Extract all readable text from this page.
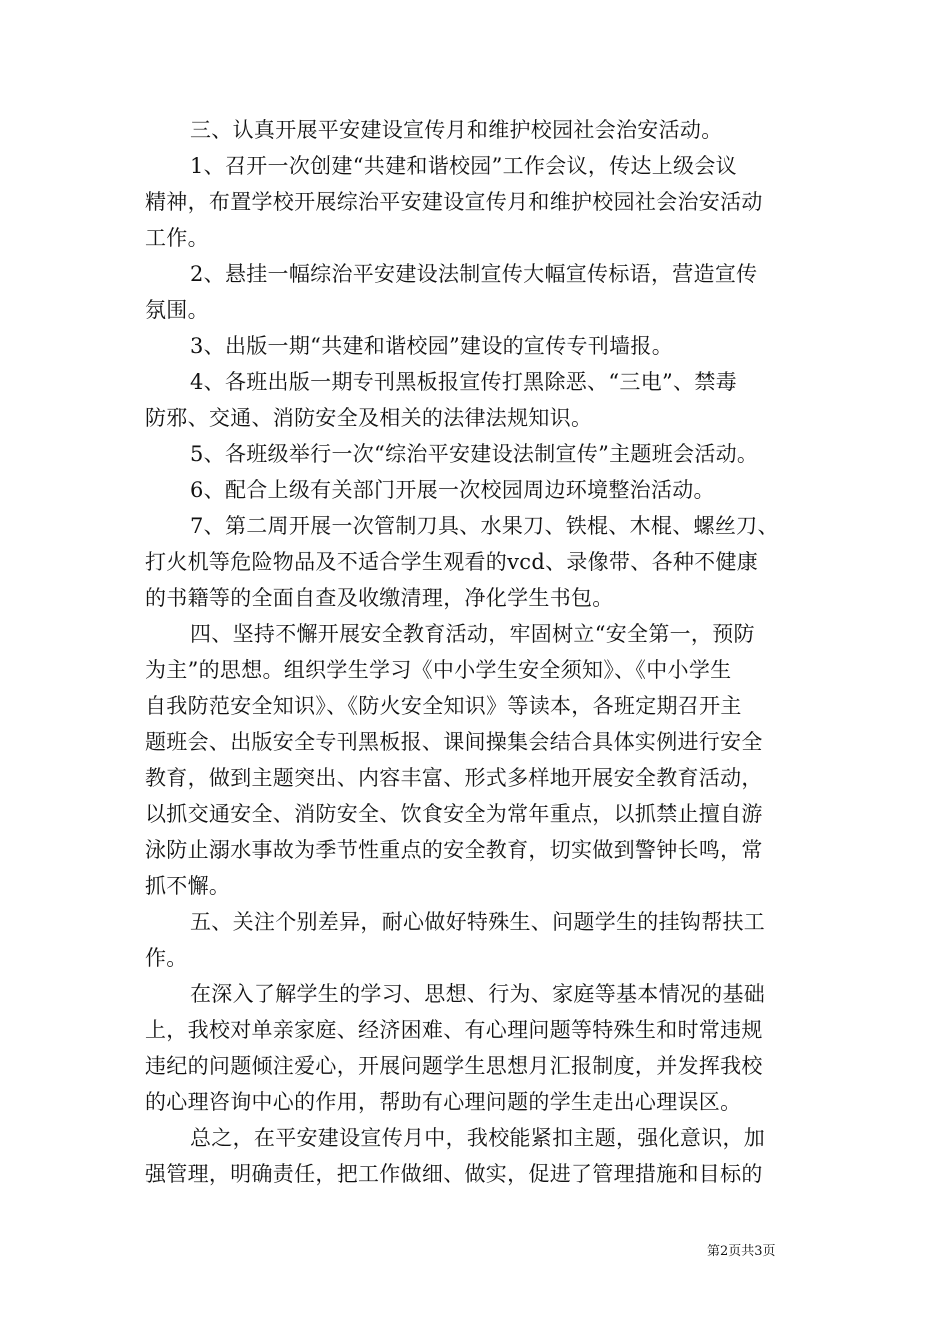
三、认真开展平安建设宣传月和维护校园社会治安活动。
1、召开一次创建“共建和谐校园”工作会议，传达上级会议
精神，布置学校开展综治平安建设宣传月和维护校园社会治安活动
工作。
2、悬挂一幅综治平安建设法制宣传大幅宣传标语，营造宣传
氛围。
3、出版一期“共建和谐校园”建设的宣传专刊墙报。
4、各班出版一期专刊黑板报宣传打黑除恶、“三电”、禁毒
防邪、交通、消防安全及相关的法律法规知识。
5、各班级举行一次“综治平安建设法制宣传”主题班会活动。
6、配合上级有关部门开展一次校园周边环境整治活动。
7、第二周开展一次管制刀具、水果刀、铁棍、木棍、螺丝刀、
打火机等危险物品及不适合学生观看的vcd、录像带、各种不健康
的书籍等的全面自查及收缴清理，净化学生书包。
四、坚持不懈开展安全教育活动，牢固树立“安全第一，预防
为主”的思想。组织学生学习《中小学生安全须知》、《中小学生
自我防范安全知识》、《防火安全知识》等读本，各班定期召开主
题班会、出版安全专刊黑板报、课间操集会结合具体实例进行安全
教育，做到主题突出、内容丰富、形式多样地开展安全教育活动，
以抓交通安全、消防安全、饮食安全为常年重点，以抓禁止擅自游
泳防止溺水事故为季节性重点的安全教育，切实做到警钟长鸣，常
抓不懈。
五、关注个别差异，耐心做好特殊生、问题学生的挂钩帮扶工
作。
在深入了解学生的学习、思想、行为、家庭等基本情况的基础
上，我校对单亲家庭、经济困难、有心理问题等特殊生和时常违规
违纪的问题倾注爱心，开展问题学生思想月汇报制度，并发挥我校
的心理咨询中心的作用，帮助有心理问题的学生走出心理误区。
总之，在平安建设宣传月中，我校能紧扣主题，强化意识，加
强管理，明确责任，把工作做细、做实，促进了管理措施和目标的
第2页共3页
